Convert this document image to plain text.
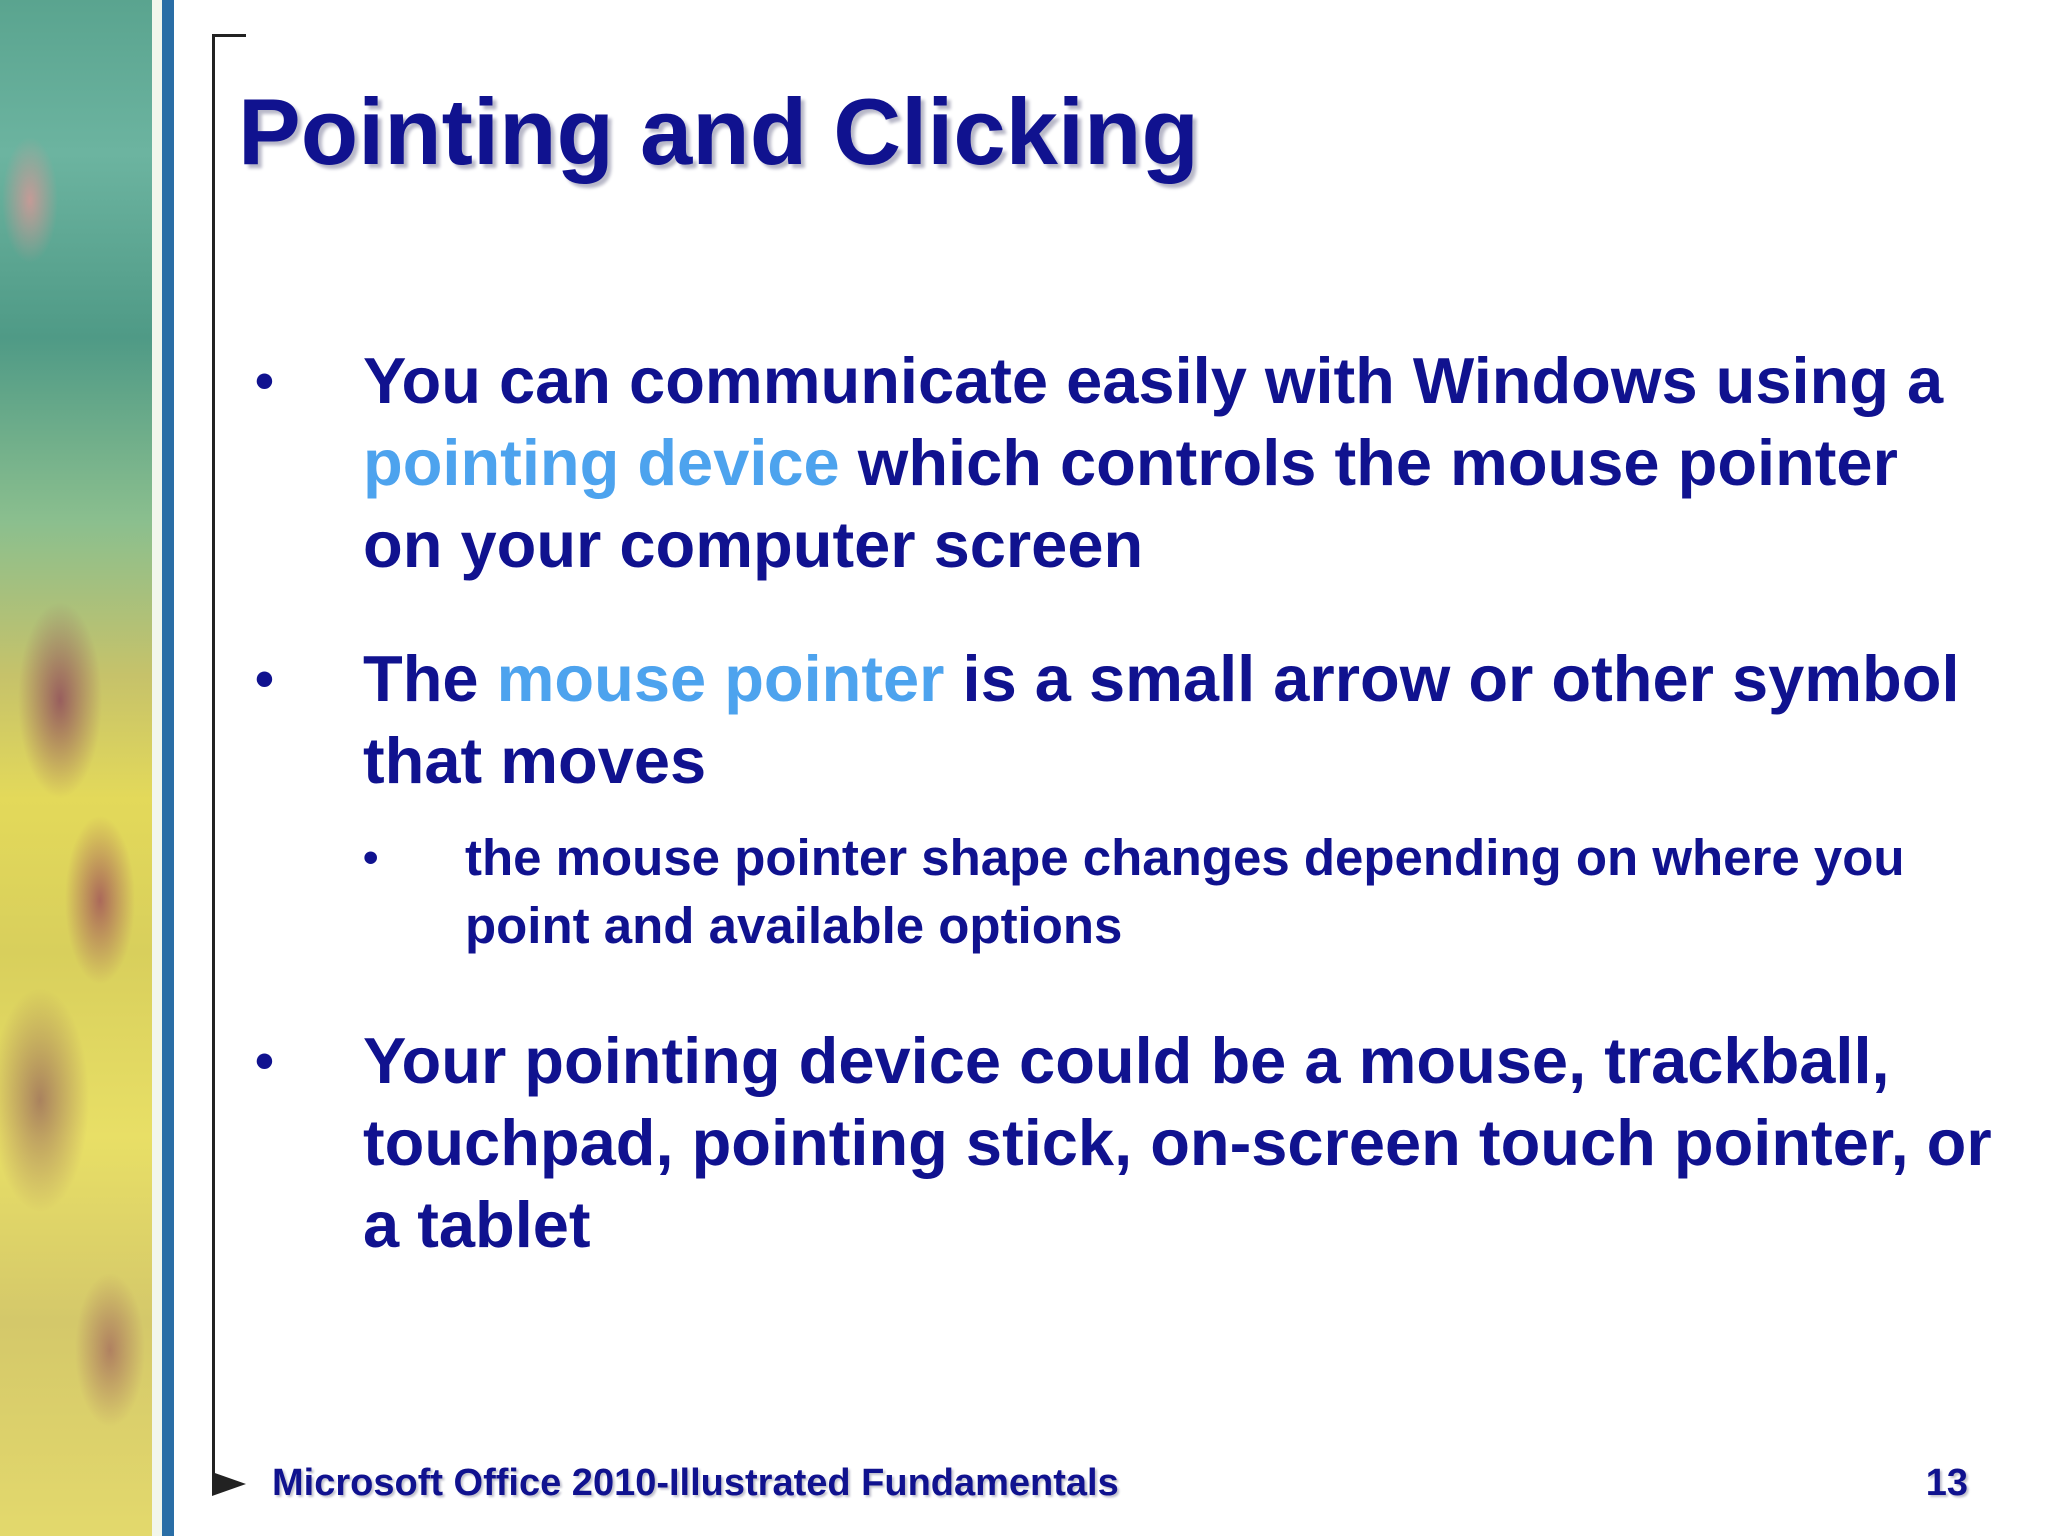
Pointing and Clicking
• You can communicate easily with Windows using a pointing device which controls the mouse pointer on your computer screen
• The mouse pointer is a small arrow or other symbol that moves
• the mouse pointer shape changes depending on where you point and available options
• Your pointing device could be a mouse, trackball, touchpad, pointing stick, on-screen touch pointer, or a tablet

Microsoft Office 2010-Illustrated Fundamentals	13
